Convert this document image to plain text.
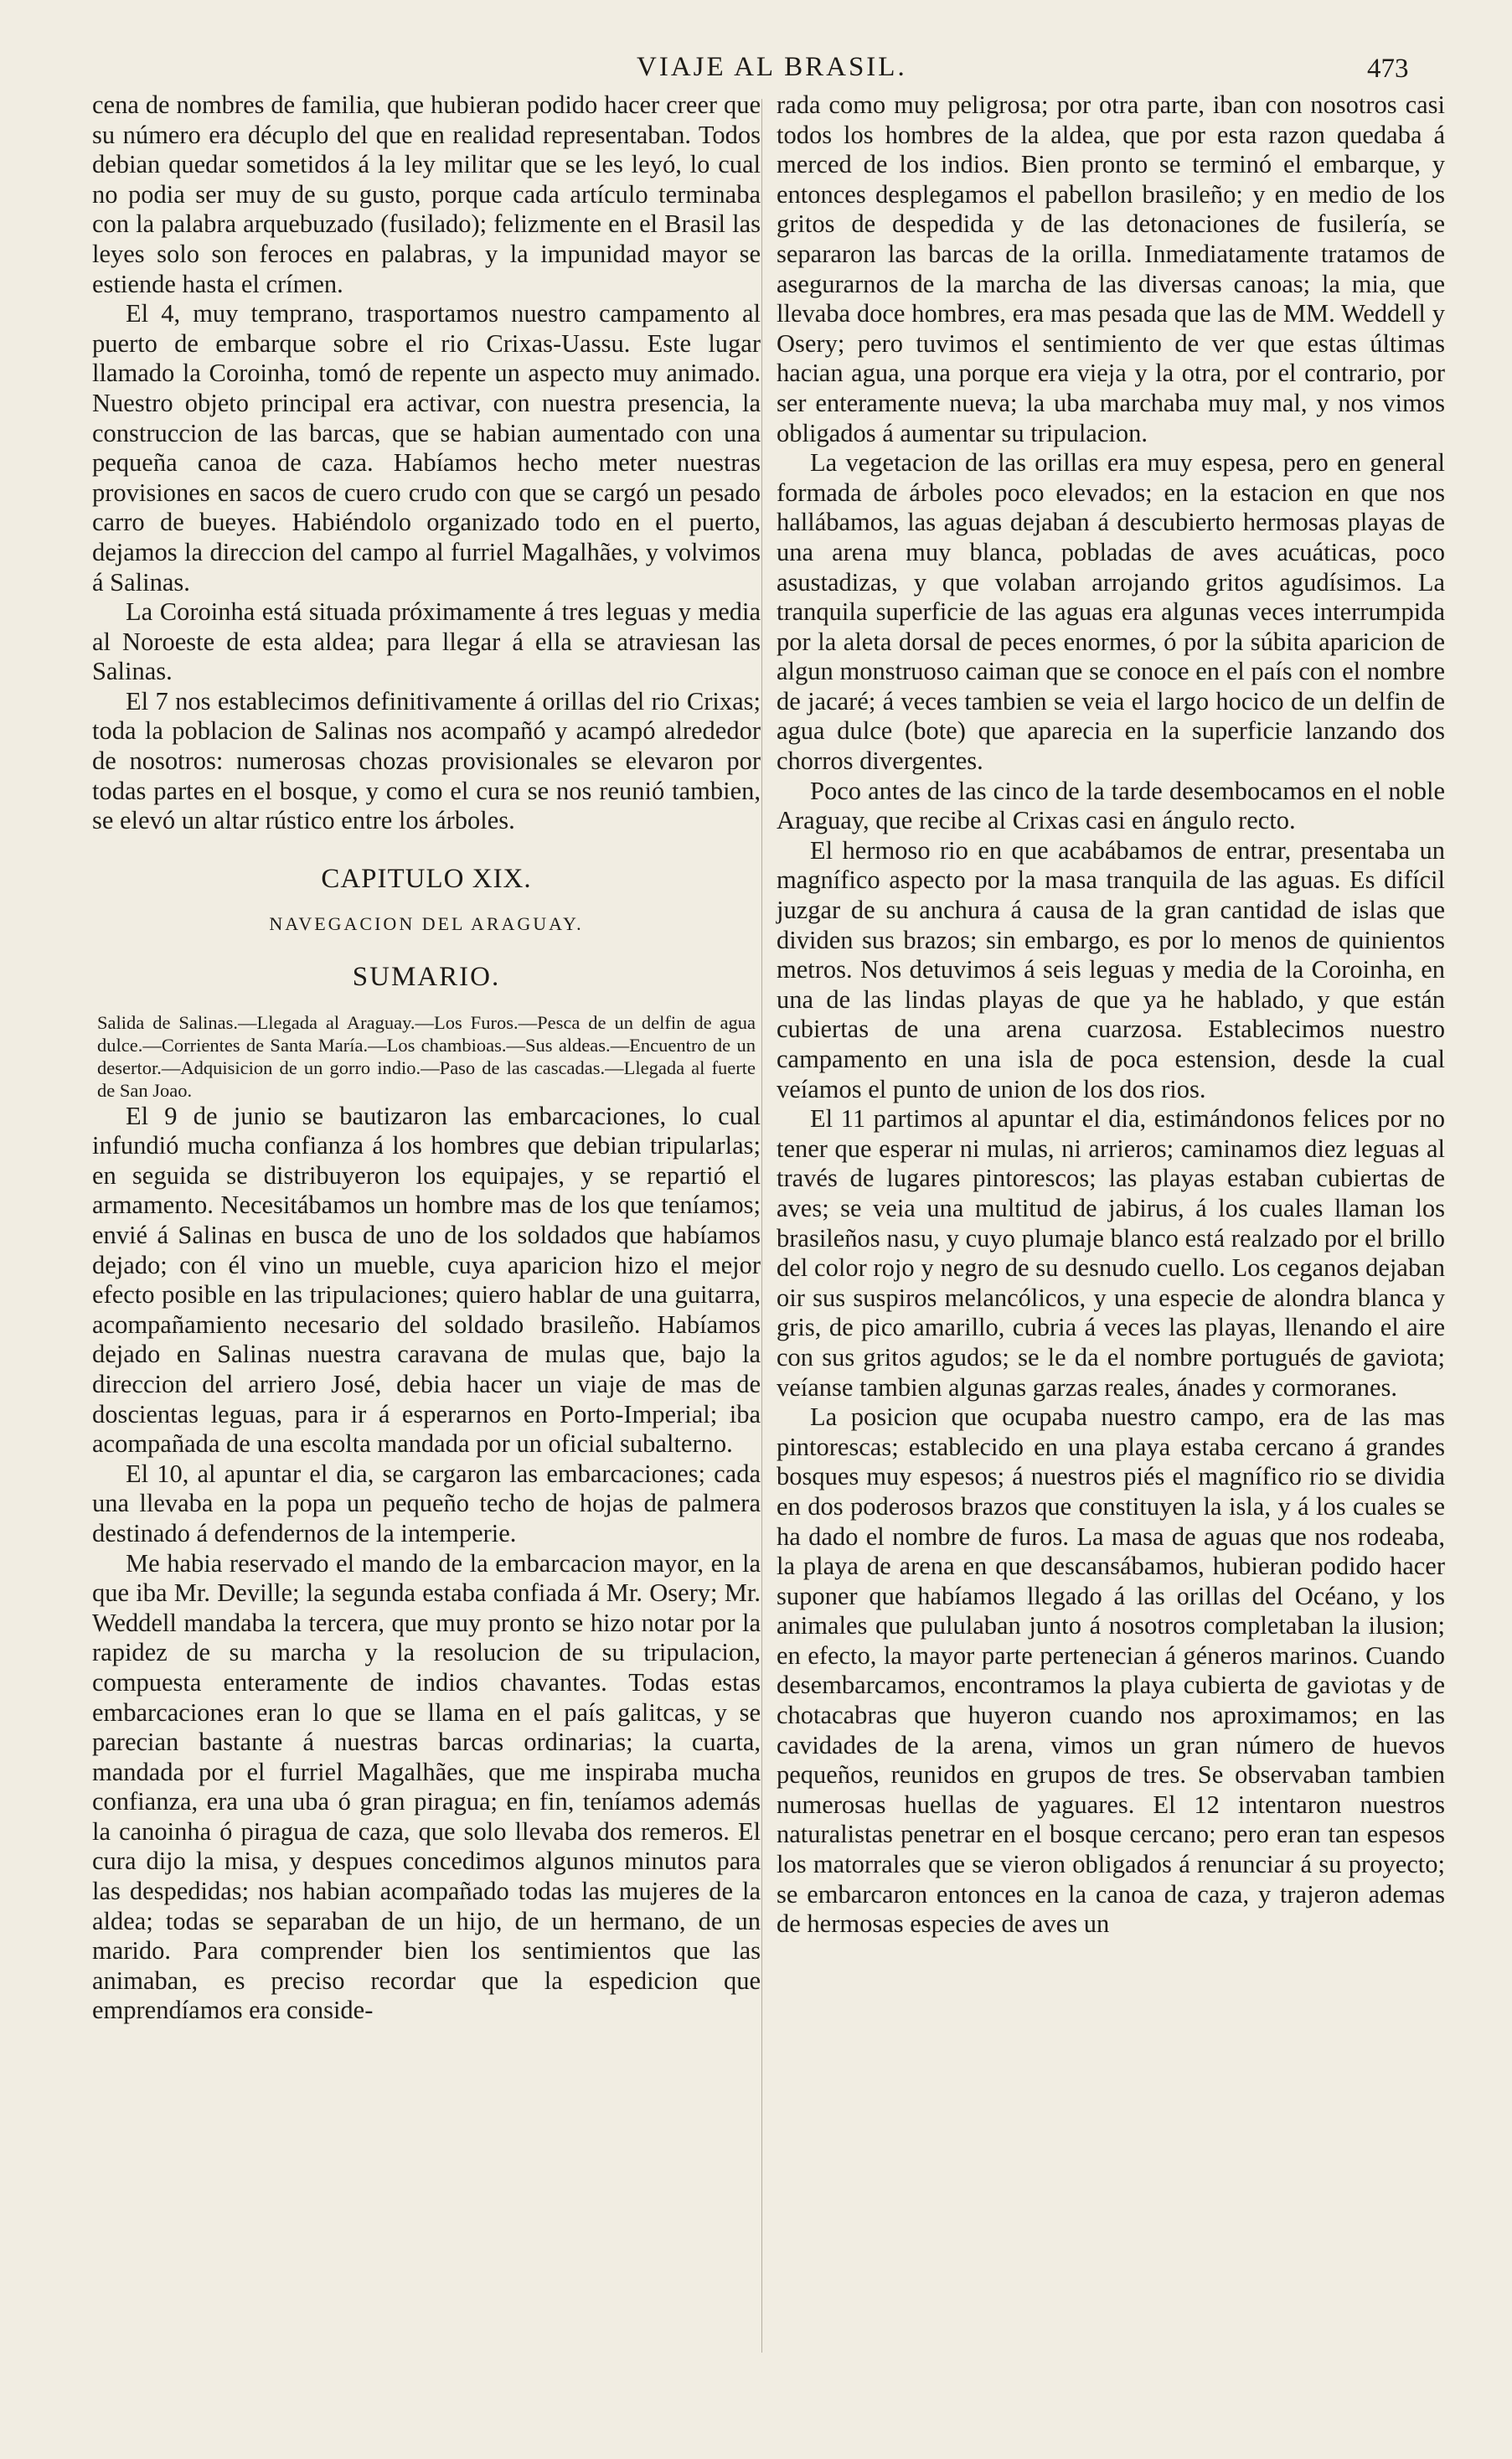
VIAJE AL BRASIL.	473

cena de nombres de familia, que hubieran podido hacer creer que su número era décuplo del que en realidad representaban. Todos debian quedar sometidos á la ley militar que se les leyó, lo cual no podia ser muy de su gusto, porque cada artículo terminaba con la palabra arquebuzado (fusilado); felizmente en el Brasil las leyes solo son feroces en palabras, y la impunidad mayor se estiende hasta el crímen.

El 4, muy temprano, trasportamos nuestro campamento al puerto de embarque sobre el rio Crixas-Uassu. Este lugar llamado la Coroinha, tomó de repente un aspecto muy animado. Nuestro objeto principal era activar, con nuestra presencia, la construccion de las barcas, que se habian aumentado con una pequeña canoa de caza. Habíamos hecho meter nuestras provisiones en sacos de cuero crudo con que se cargó un pesado carro de bueyes. Habiéndolo organizado todo en el puerto, dejamos la direccion del campo al furriel Magalhães, y volvimos á Salinas.

La Coroinha está situada próximamente á tres leguas y media al Noroeste de esta aldea; para llegar á ella se atraviesan las Salinas.

El 7 nos establecimos definitivamente á orillas del rio Crixas; toda la poblacion de Salinas nos acompañó y acampó alrededor de nosotros: numerosas chozas provisionales se elevaron por todas partes en el bosque, y como el cura se nos reunió tambien, se elevó un altar rústico entre los árboles.

CAPITULO XIX.
NAVEGACION DEL ARAGUAY.
SUMARIO.

Salida de Salinas.—Llegada al Araguay.—Los Furos.—Pesca de un delfin de agua dulce.—Corrientes de Santa María.—Los chambioas.—Sus aldeas.—Encuentro de un desertor.—Adquisicion de un gorro indio.—Paso de las cascadas.—Llegada al fuerte de San Joao.

El 9 de junio se bautizaron las embarcaciones, lo cual infundió mucha confianza á los hombres que debian tripularlas; en seguida se distribuyeron los equipajes, y se repartió el armamento. Necesitábamos un hombre mas de los que teníamos; envié á Salinas en busca de uno de los soldados que habíamos dejado; con él vino un mueble, cuya aparicion hizo el mejor efecto posible en las tripulaciones; quiero hablar de una guitarra, acompañamiento necesario del soldado brasileño. Habíamos dejado en Salinas nuestra caravana de mulas que, bajo la direccion del arriero José, debia hacer un viaje de mas de doscientas leguas, para ir á esperarnos en Porto-Imperial; iba acompañada de una escolta mandada por un oficial subalterno.

El 10, al apuntar el dia, se cargaron las embarcaciones; cada una llevaba en la popa un pequeño techo de hojas de palmera destinado á defendernos de la intemperie.

Me habia reservado el mando de la embarcacion mayor, en la que iba Mr. Deville; la segunda estaba confiada á Mr. Osery; Mr. Weddell mandaba la tercera, que muy pronto se hizo notar por la rapidez de su marcha y la resolucion de su tripulacion, compuesta enteramente de indios chavantes. Todas estas embarcaciones eran lo que se llama en el país galitcas, y se parecian bastante á nuestras barcas ordinarias; la cuarta, mandada por el furriel Magalhães, que me inspiraba mucha confianza, era una uba ó gran piragua; en fin, teníamos además la canoinha ó piragua de caza, que solo llevaba dos remeros. El cura dijo la misa, y despues concedimos algunos minutos para las despedidas; nos habian acompañado todas las mujeres de la aldea; todas se separaban de un hijo, de un hermano, de un marido. Para comprender bien los sentimientos que las animaban, es preciso recordar que la espedicion que emprendíamos era conside-

rada como muy peligrosa; por otra parte, iban con nosotros casi todos los hombres de la aldea, que por esta razon quedaba á merced de los indios. Bien pronto se terminó el embarque, y entonces desplegamos el pabellon brasileño; y en medio de los gritos de despedida y de las detonaciones de fusilería, se separaron las barcas de la orilla. Inmediatamente tratamos de asegurarnos de la marcha de las diversas canoas; la mia, que llevaba doce hombres, era mas pesada que las de MM. Weddell y Osery; pero tuvimos el sentimiento de ver que estas últimas hacian agua, una porque era vieja y la otra, por el contrario, por ser enteramente nueva; la uba marchaba muy mal, y nos vimos obligados á aumentar su tripulacion.

La vegetacion de las orillas era muy espesa, pero en general formada de árboles poco elevados; en la estacion en que nos hallábamos, las aguas dejaban á descubierto hermosas playas de una arena muy blanca, pobladas de aves acuáticas, poco asustadizas, y que volaban arrojando gritos agudísimos. La tranquila superficie de las aguas era algunas veces interrumpida por la aleta dorsal de peces enormes, ó por la súbita aparicion de algun monstruoso caiman que se conoce en el país con el nombre de jacaré; á veces tambien se veia el largo hocico de un delfin de agua dulce (bote) que aparecia en la superficie lanzando dos chorros divergentes.

Poco antes de las cinco de la tarde desembocamos en el noble Araguay, que recibe al Crixas casi en ángulo recto.

El hermoso rio en que acabábamos de entrar, presentaba un magnífico aspecto por la masa tranquila de las aguas. Es difícil juzgar de su anchura á causa de la gran cantidad de islas que dividen sus brazos; sin embargo, es por lo menos de quinientos metros. Nos detuvimos á seis leguas y media de la Coroinha, en una de las lindas playas de que ya he hablado, y que están cubiertas de una arena cuarzosa. Establecimos nuestro campamento en una isla de poca estension, desde la cual veíamos el punto de union de los dos rios.

El 11 partimos al apuntar el dia, estimándonos felices por no tener que esperar ni mulas, ni arrieros; caminamos diez leguas al través de lugares pintorescos; las playas estaban cubiertas de aves; se veia una multitud de jabirus, á los cuales llaman los brasileños nasu, y cuyo plumaje blanco está realzado por el brillo del color rojo y negro de su desnudo cuello. Los ceganos dejaban oir sus suspiros melancólicos, y una especie de alondra blanca y gris, de pico amarillo, cubria á veces las playas, llenando el aire con sus gritos agudos; se le da el nombre portugués de gaviota; veíanse tambien algunas garzas reales, ánades y cormoranes.

La posicion que ocupaba nuestro campo, era de las mas pintorescas; establecido en una playa estaba cercano á grandes bosques muy espesos; á nuestros piés el magnífico rio se dividia en dos poderosos brazos que constituyen la isla, y á los cuales se ha dado el nombre de furos. La masa de aguas que nos rodeaba, la playa de arena en que descansábamos, hubieran podido hacer suponer que habíamos llegado á las orillas del Océano, y los animales que pululaban junto á nosotros completaban la ilusion; en efecto, la mayor parte pertenecian á géneros marinos. Cuando desembarcamos, encontramos la playa cubierta de gaviotas y de chotacabras que huyeron cuando nos aproximamos; en las cavidades de la arena, vimos un gran número de huevos pequeños, reunidos en grupos de tres. Se observaban tambien numerosas huellas de yaguares. El 12 intentaron nuestros naturalistas penetrar en el bosque cercano; pero eran tan espesos los matorrales que se vieron obligados á renunciar á su proyecto; se embarcaron entonces en la canoa de caza, y trajeron ademas de hermosas especies de aves un
